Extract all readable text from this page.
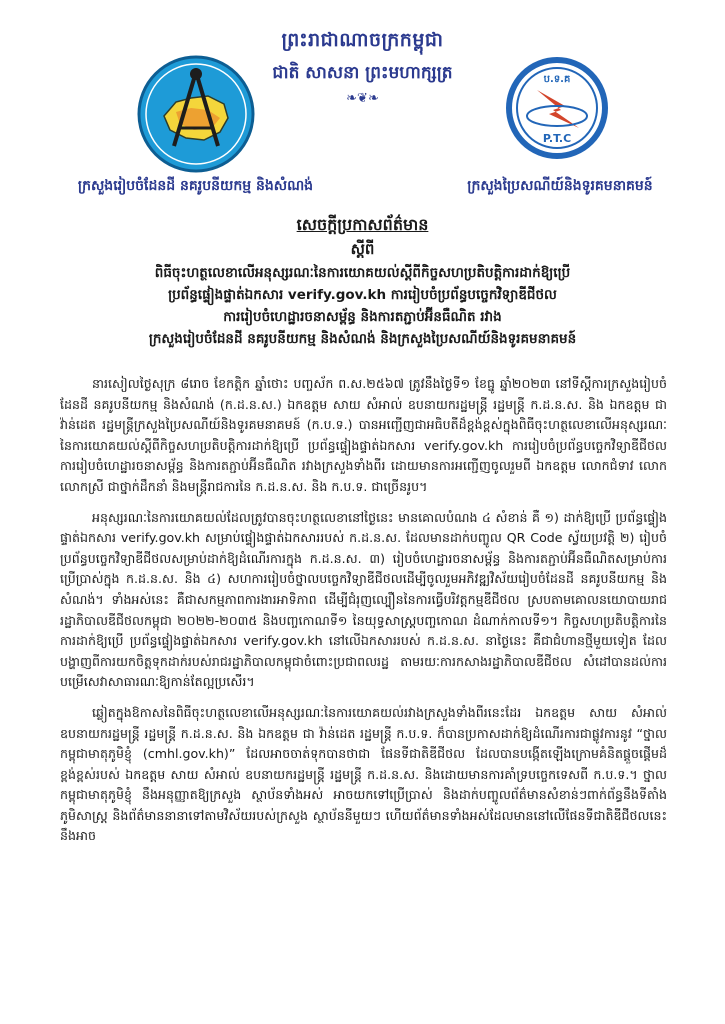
ព្រះរាជាណាចក្រកម្ពុជា
ជាតិ សាសនា ព្រះមហាក្សត្រ
❧❦❧
ប.ទ.គ
P.T.C
ក្រសួងរៀបចំដែនដី នគរូបនីយកម្ម និងសំណង់	ក្រសួងប្រៃសណីយ៍និងទូរគមនាគមន៍
សេចក្តីប្រកាសព័ត៌មាន
ស្តីពី
ពិធីចុះហត្ថលេខាលើអនុស្សរណៈនៃការយោគយល់ស្តីពីកិច្ចសហប្រតិបត្តិការដាក់ឱ្យប្រើ
ប្រព័ន្ធផ្ទៀងផ្ទាត់ឯកសារ verify.gov.kh ការរៀបចំប្រព័ន្ធបច្ចេកវិទ្យាឌីជីថល
ការរៀបចំហេដ្ឋារចនាសម្ព័ន្ធ និងការតភ្ជាប់អ៊ីនធឺណិត រវាង
ក្រសួងរៀបចំដែនដី នគរូបនីយកម្ម និងសំណង់ និងក្រសួងប្រៃសណីយ៍និងទូរគមនាគមន៍

នារសៀលថ្ងៃសុក្រ ៨រោច ខែកត្តិក ឆ្នាំថោះ បញ្ចស័ក ព.ស.២៥៦៧ ត្រូវនឹងថ្ងៃទី១ ខែធ្នូ ឆ្នាំ២០២៣ នៅទីស្តីការក្រសួងរៀបចំដែនដី នគរូបនីយកម្ម និងសំណង់ (ក.ដ.ន.ស.) ឯកឧត្តម សាយ សំអាល់ ឧបនាយករដ្ឋមន្ត្រី រដ្ឋមន្ត្រី ក.ដ.ន.ស. និង ឯកឧត្តម ជា វ៉ាន់ដេត រដ្ឋមន្ត្រីក្រសួងប្រៃសណីយ៍និងទូរគមនាគមន៍ (ក.ប.ទ.) បានអញ្ជើញជាអធិបតីដ៏ខ្ពង់ខ្ពស់ក្នុងពិធីចុះហត្ថលេខាលើអនុស្សរណៈនៃការយោគយល់ស្តីពីកិច្ចសហប្រតិបត្តិការដាក់ឱ្យប្រើ ប្រព័ន្ធផ្ទៀងផ្ទាត់ឯកសារ verify.gov.kh ការរៀបចំប្រព័ន្ធបច្ចេកវិទ្យាឌីជីថល ការរៀបចំហេដ្ឋារចនាសម្ព័ន្ធ និងការតភ្ជាប់អ៊ីនធឺណិត រវាងក្រសួងទាំងពីរ ដោយមានការអញ្ជើញចូលរួមពី ឯកឧត្តម លោកជំទាវ លោក លោកស្រី ជាថ្នាក់ដឹកនាំ និងមន្ត្រីរាជការនៃ ក.ដ.ន.ស. និង ក.ប.ទ. ជាច្រើនរូប។

អនុស្សរណៈនៃការយោគយល់ដែលត្រូវបានចុះហត្ថលេខានៅថ្ងៃនេះ មានគោលបំណង ៤ សំខាន់ គឺ ១) ដាក់ឱ្យប្រើ ប្រព័ន្ធផ្ទៀងផ្ទាត់ឯកសារ verify.gov.kh សម្រាប់ផ្ទៀងផ្ទាត់ឯកសាររបស់ ក.ដ.ន.ស. ដែលមានដាក់បញ្ចូល QR Code ស្វ័យប្រវត្តិ ២) រៀបចំប្រព័ន្ធបច្ចេកវិទ្យាឌីជីថលសម្រាប់ដាក់ឱ្យដំណើរការក្នុង ក.ដ.ន.ស. ៣) រៀបចំហេដ្ឋារចនាសម្ព័ន្ធ និងការតភ្ជាប់អ៊ីនធឺណិតសម្រាប់ការប្រើប្រាស់ក្នុង ក.ដ.ន.ស. និង ៤) សហការរៀបចំថ្នាលបច្ចេកវិទ្យាឌីជីថលដើម្បីចូលរួមអភិវឌ្ឍវិស័យរៀបចំដែនដី នគរូបនីយកម្ម និងសំណង់។ ទាំងអស់នេះ គឺជាសកម្មភាពការងារអាទិភាព ដើម្បីជំរុញល្បឿននៃការធ្វើបរិវត្តកម្មឌីជីថល ស្របតាមគោលនយោបាយរាជរដ្ឋាភិបាលឌីជីថលកម្ពុជា ២០២២-២០៣៥ និងបញ្ចកោណទី១ នៃយុទ្ធសាស្ត្របញ្ចកោណ ដំណាក់កាលទី១។ កិច្ចសហប្រតិបត្តិការនៃការដាក់ឱ្យប្រើ ប្រព័ន្ធផ្ទៀងផ្ទាត់ឯកសារ verify.gov.kh នៅលើឯកសាររបស់ ក.ដ.ន.ស. នាថ្ងៃនេះ គឺជាជំហានថ្មីមួយទៀត ដែលបង្ហាញពីការយកចិត្តទុកដាក់របស់រាជរដ្ឋាភិបាលកម្ពុជាចំពោះប្រជាពលរដ្ឋ តាមរយៈការកសាងរដ្ឋាភិបាលឌីជីថល សំដៅបានដល់ការបម្រើសេវាសាធារណៈឱ្យកាន់តែល្អប្រសើរ។

ឆ្លៀតក្នុងឱកាសនៃពិធីចុះហត្ថលេខាលើអនុស្សរណៈនៃការយោគយល់រវាងក្រសួងទាំងពីរនេះដែរ ឯកឧត្តម សាយ សំអាល់ ឧបនាយករដ្ឋមន្ត្រី រដ្ឋមន្ត្រី ក.ដ.ន.ស. និង ឯកឧត្តម ជា វ៉ាន់ដេត រដ្ឋមន្ត្រី ក.ប.ទ. ក៏បានប្រកាសដាក់ឱ្យដំណើរការជាផ្លូវការនូវ “ថ្នាលកម្ពុជាមាតុភូមិខ្ញុំ (cmhl.gov.kh)” ដែលអាចចាត់ទុកបានថាជា ផែនទីជាតិឌីជីថល ដែលបានបង្កើតឡើងក្រោមគំនិតផ្តួចផ្តើមដ៏ខ្ពង់ខ្ពស់របស់ ឯកឧត្តម សាយ សំអាល់ ឧបនាយករដ្ឋមន្ត្រី រដ្ឋមន្ត្រី ក.ដ.ន.ស. និងដោយមានការគាំទ្របច្ចេកទេសពី ក.ប.ទ.។ ថ្នាលកម្ពុជាមាតុភូមិខ្ញុំ នឹងអនុញ្ញាតឱ្យក្រសួង ស្ថាប័នទាំងអស់ អាចយកទៅប្រើប្រាស់ និងដាក់បញ្ចូលព័ត៌មានសំខាន់ៗពាក់ព័ន្ធនឹងទីតាំងភូមិសាស្ត្រ និងព័ត៌មាននានាទៅតាមវិស័យរបស់ក្រសួង ស្ថាប័ននីមួយៗ ហើយព័ត៌មានទាំងអស់ដែលមាននៅលើផែនទីជាតិឌីជីថលនេះ នឹងអាច
